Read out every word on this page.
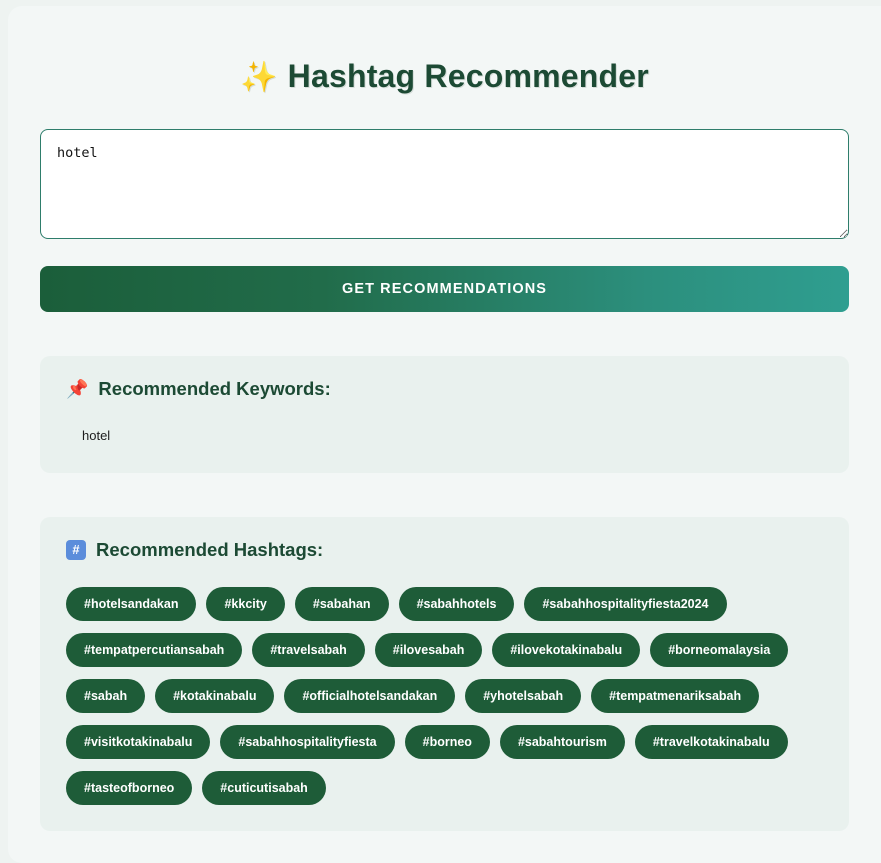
✨ Hashtag Recommender
hotel
GET RECOMMENDATIONS
📌 Recommended Keywords:
hotel
# Recommended Hashtags:
#hotelsandakan	#kkcity	#sabahan	#sabahhotels	#sabahhospitalityfiesta2024
#tempatpercutiansabah	#travelsabah	#ilovesabah	#ilovekotakinabalu	#borneomalaysia
#sabah	#kotakinabalu	#officialhotelsandakan	#yhotelsabah	#tempatmenariksabah
#visitkotakinabalu	#sabahhospitalityfiesta	#borneo	#sabahtourism	#travelkotakinabalu
#tasteofborneo	#cuticutisabah
